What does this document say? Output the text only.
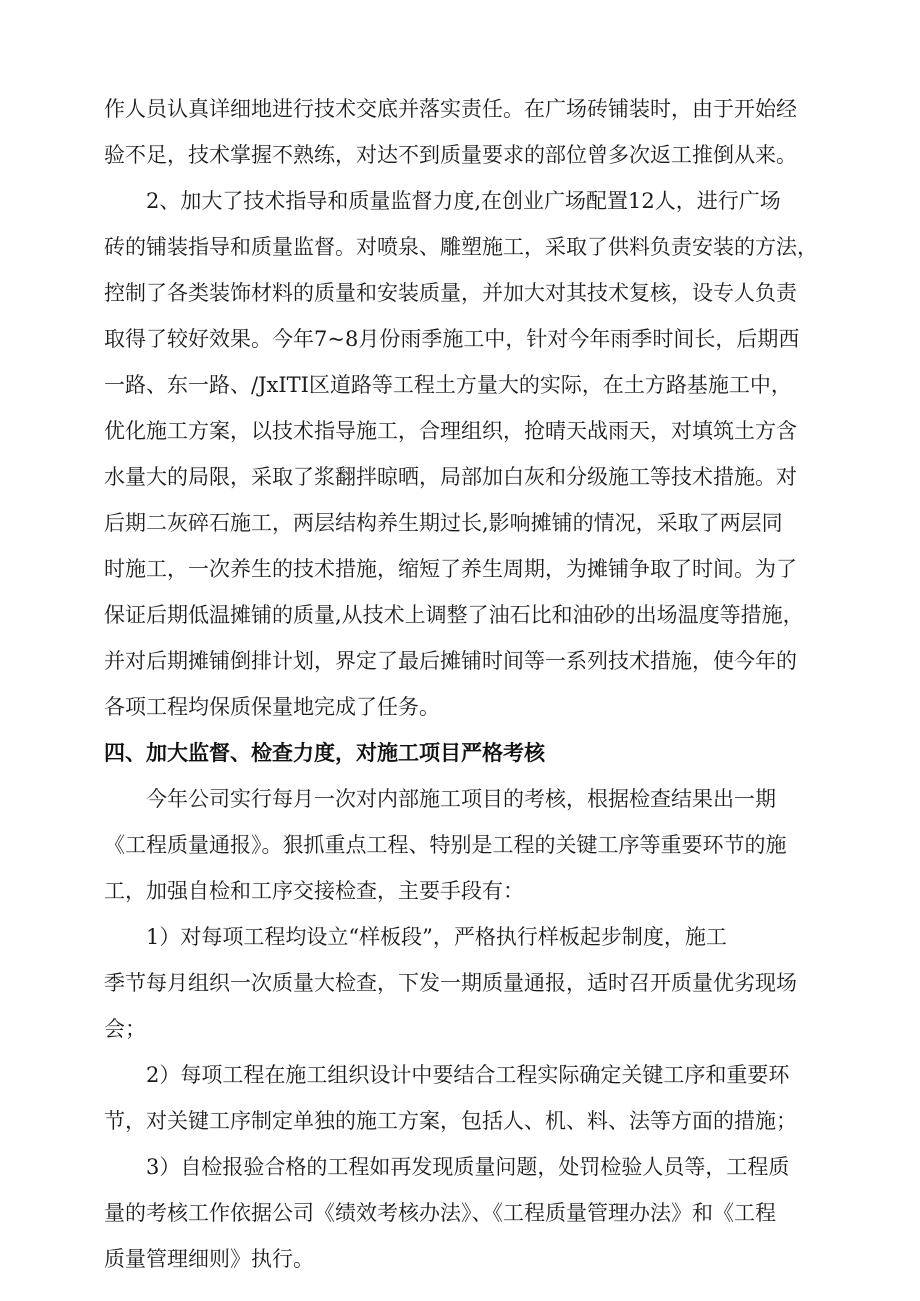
作人员认真详细地进行技术交底并落实责任。在广场砖铺装时，由于开始经
验不足，技术掌握不熟练，对达不到质量要求的部位曾多次返工推倒从来。
2、加大了技术指导和质量监督力度,在创业广场配置12人，进行广场
砖的铺装指导和质量监督。对喷泉、雕塑施工，采取了供料负责安装的方法，
控制了各类装饰材料的质量和安装质量，并加大对其技术复核，设专人负责
取得了较好效果。今年7~8月份雨季施工中，针对今年雨季时间长，后期西
一路、东一路、/JxITI区道路等工程土方量大的实际，在土方路基施工中，
优化施工方案，以技术指导施工，合理组织，抢晴天战雨天，对填筑土方含
水量大的局限，采取了浆翻拌晾晒，局部加白灰和分级施工等技术措施。对
后期二灰碎石施工，两层结构养生期过长,影响摊铺的情况，采取了两层同
时施工，一次养生的技术措施，缩短了养生周期，为摊铺争取了时间。为了
保证后期低温摊铺的质量,从技术上调整了油石比和油砂的出场温度等措施，
并对后期摊铺倒排计划，界定了最后摊铺时间等一系列技术措施，使今年的
各项工程均保质保量地完成了任务。
四、加大监督、检查力度，对施工项目严格考核
今年公司实行每月一次对内部施工项目的考核，根据检查结果出一期
《工程质量通报》。狠抓重点工程、特别是工程的关键工序等重要环节的施
工，加强自检和工序交接检查，主要手段有：
1）对每项工程均设立“样板段”，严格执行样板起步制度，施工
季节每月组织一次质量大检查，下发一期质量通报，适时召开质量优劣现场
会；
2）每项工程在施工组织设计中要结合工程实际确定关键工序和重要环
节，对关键工序制定单独的施工方案，包括人、机、料、法等方面的措施；
3）自检报验合格的工程如再发现质量问题，处罚检验人员等，工程质
量的考核工作依据公司《绩效考核办法》、《工程质量管理办法》和《工程
质量管理细则》执行。
